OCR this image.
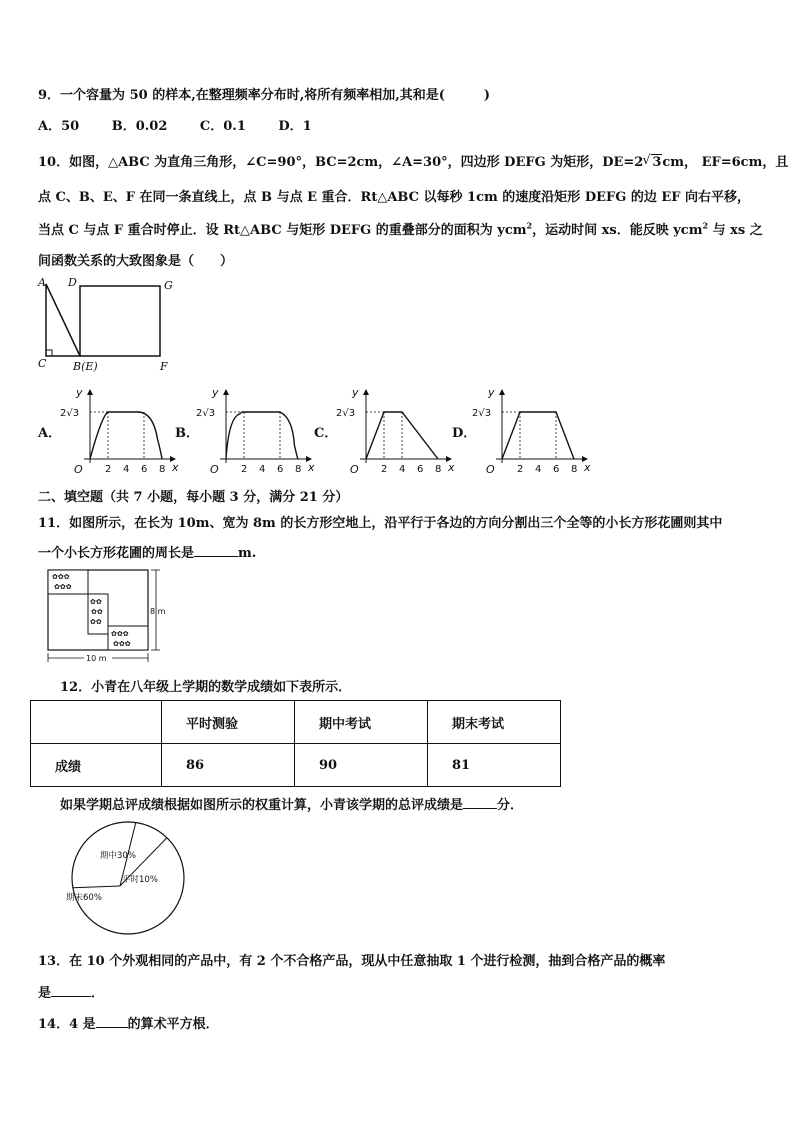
9．一个容量为 50 的样本,在整理频率分布时,将所有频率相加,其和是(　　　)
A．50	B．0.02	C．0.1	D．1
10．如图，△ABC 为直角三角形，∠C=90°，BC=2cm，∠A=30°，四边形 DEFG 为矩形，DE=2 √ 3cm， EF=6cm，且
点 C、B、E、F 在同一条直线上，点 B 与点 E 重合．Rt△ABC 以每秒 1cm 的速度沿矩形 DEFG 的边 EF 向右平移，
当点 C 与点 F 重合时停止．设 Rt△ABC 与矩形 DEFG 的重叠部分的面积为 ycm$^2$，运动时间 xs．能反映 ycm$^2$ 与 xs 之
间函数关系的大致图象是（　　）
A D	G
C B(E)	F
A．	B．	C．	D．
y
x
O
2√3
2 4 6 8
y
x
O
2√3
2 4 6 8
y
x
O
2√3
2 4 6 8
y
x
O
2√3
2 4 6 8
二、填空题（共 7 小题，每小题 3 分，满分 21 分）
11．如图所示，在长为 10m、宽为 8m 的长方形空地上，沿平行于各边的方向分割出三个全等的小长方形花圃则其中
一个小长方形花圃的周长是	m.
✿✿✿
✿✿✿
✿✿
✿✿
✿✿
✿✿✿
✿✿✿
8 m
10 m
12．小青在八年级上学期的数学成绩如下表所示．
	平时测验	期中考试	期末考试
成绩	86	90	81
如果学期总评成绩根据如图所示的权重计算，小青该学期的总评成绩是	分．
期中30%
平时10%
期末60%
13．在 10 个外观相同的产品中，有 2 个不合格产品，现从中任意抽取 1 个进行检测，抽到合格产品的概率
是	．
14．4 是 的算术平方根．
